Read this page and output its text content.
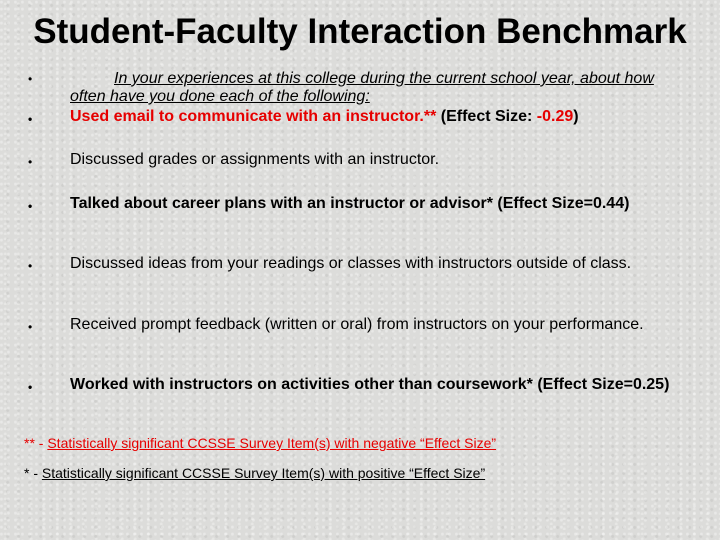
Student-Faculty Interaction Benchmark
•	In your experiences at this college during the current school year, about how often have you done each of the following:
• Used email to communicate with an instructor.** (Effect Size: -0.29)
• Discussed grades or assignments with an instructor.
• Talked about career plans with an instructor or advisor* (Effect Size=0.44)
• Discussed ideas from your readings or classes with instructors outside of class.
• Received prompt feedback (written or oral) from instructors on your performance.
• Worked with instructors on activities other than coursework* (Effect Size=0.25)
** - Statistically significant CCSSE Survey Item(s) with negative “Effect Size”
* - Statistically significant CCSSE Survey Item(s) with positive “Effect Size”
